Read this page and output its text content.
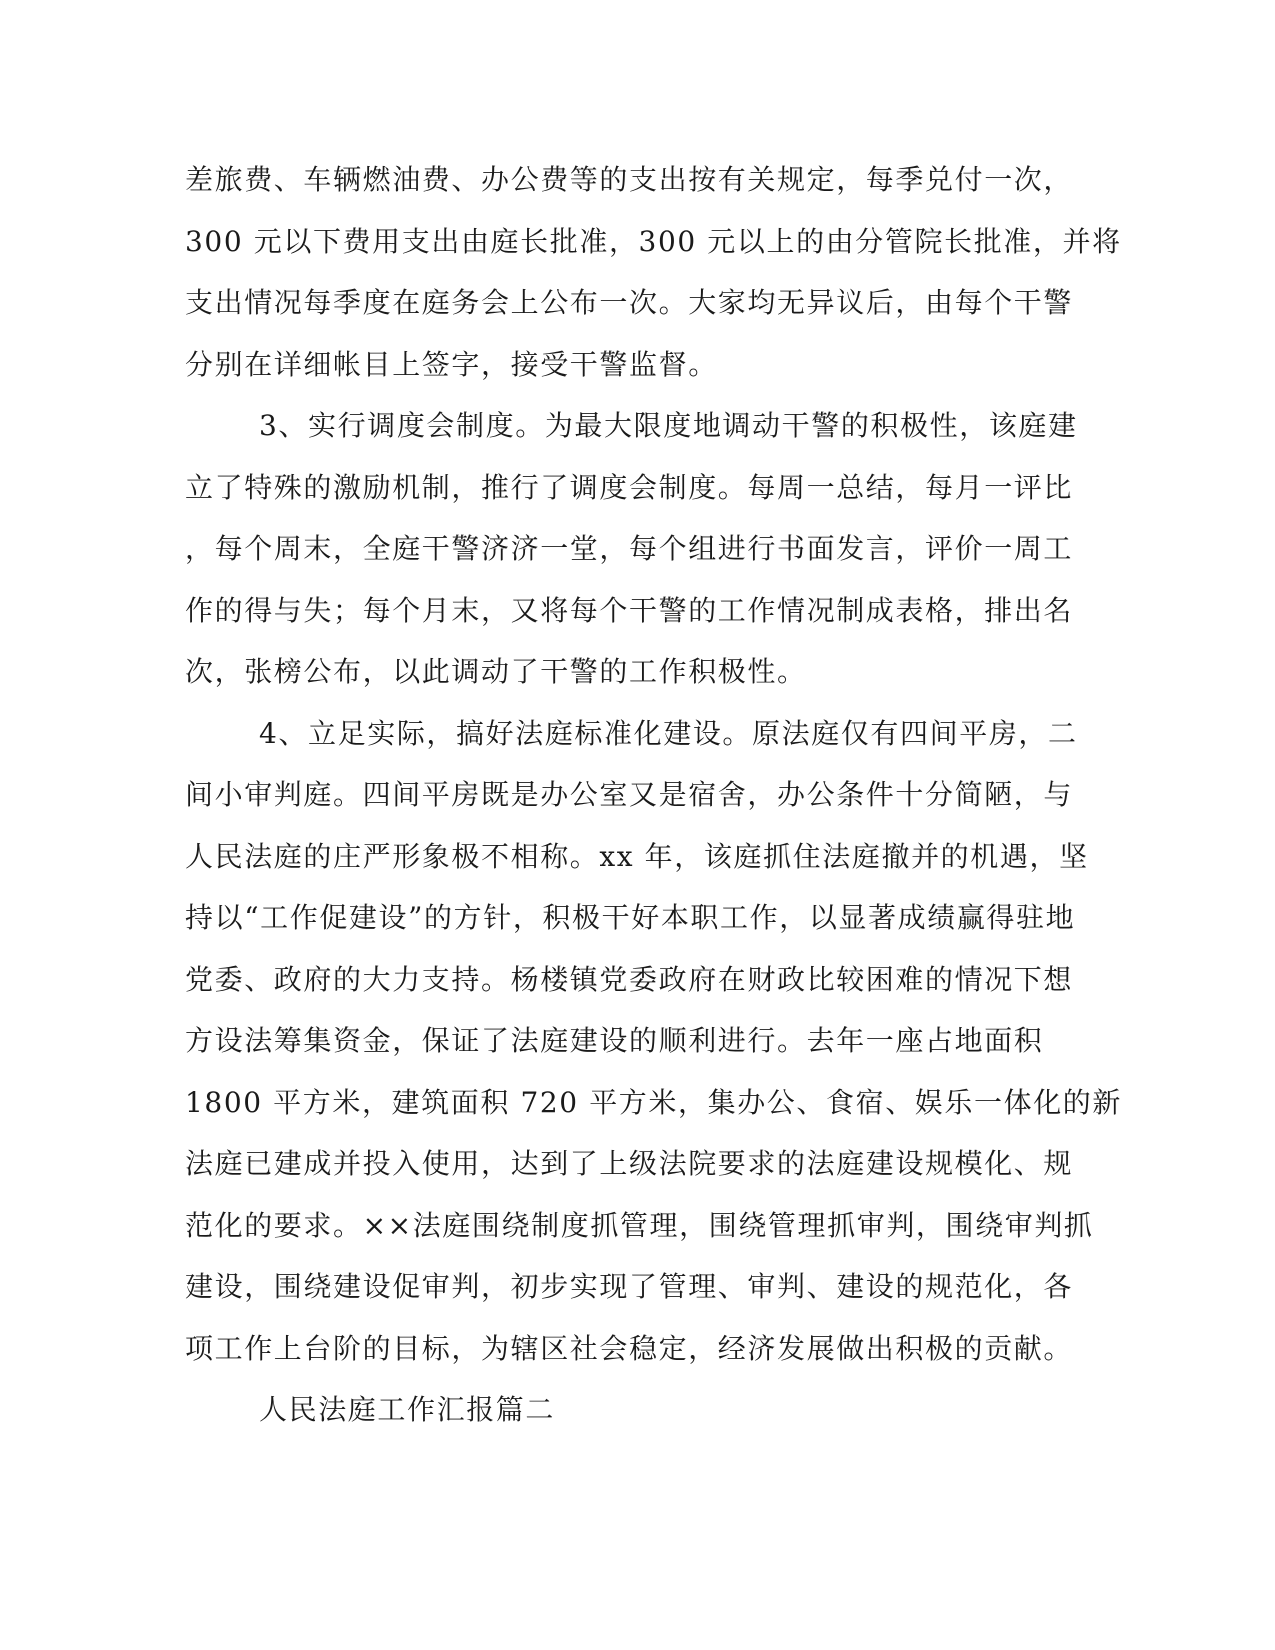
差旅费、车辆燃油费、办公费等的支出按有关规定，每季兑付一次，
300 元以下费用支出由庭长批准，300 元以上的由分管院长批准，并将
支出情况每季度在庭务会上公布一次。大家均无异议后，由每个干警
分别在详细帐目上签字，接受干警监督。
3、实行调度会制度。为最大限度地调动干警的积极性，该庭建
立了特殊的激励机制，推行了调度会制度。每周一总结，每月一评比
，每个周末，全庭干警济济一堂，每个组进行书面发言，评价一周工
作的得与失；每个月末，又将每个干警的工作情况制成表格，排出名
次，张榜公布，以此调动了干警的工作积极性。
4、立足实际，搞好法庭标准化建设。原法庭仅有四间平房，二
间小审判庭。四间平房既是办公室又是宿舍，办公条件十分简陋，与
人民法庭的庄严形象极不相称。xx 年，该庭抓住法庭撤并的机遇，坚
持以“工作促建设”的方针，积极干好本职工作，以显著成绩赢得驻地
党委、政府的大力支持。杨楼镇党委政府在财政比较困难的情况下想
方设法筹集资金，保证了法庭建设的顺利进行。去年一座占地面积
1800 平方米，建筑面积 720 平方米，集办公、食宿、娱乐一体化的新
法庭已建成并投入使用，达到了上级法院要求的法庭建设规模化、规
范化的要求。××法庭围绕制度抓管理，围绕管理抓审判，围绕审判抓
建设，围绕建设促审判，初步实现了管理、审判、建设的规范化，各
项工作上台阶的目标，为辖区社会稳定，经济发展做出积极的贡献。
人民法庭工作汇报篇二
